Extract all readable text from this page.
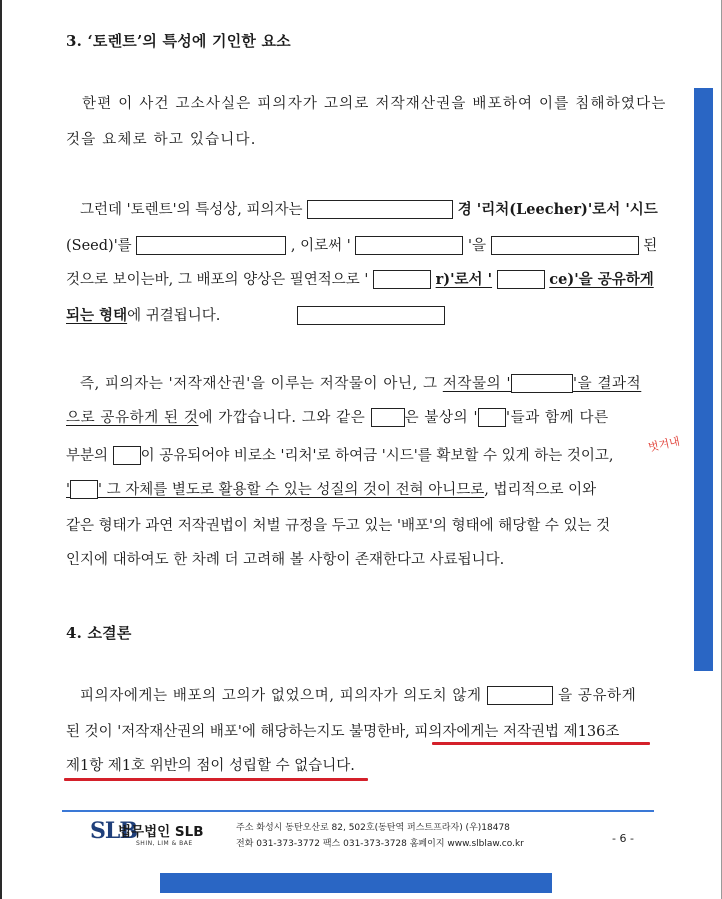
3. ‘토렌트’의 특성에 기인한 요소
한편 이 사건 고소사실은 피의자가 고의로 저작재산권을 배포하여 이를 침해하였다는
것을 요체로 하고 있습니다.
그런데 '토렌트'의 특성상, 피의자는	경 '리처(Leecher)'로서 '시드
(Seed)'를	, 이로써 '	'을	된
것으로 보이는바, 그 배포의 양상은 필연적으로 '	r)'로서 '	ce)'을 공유하게
되는 형태에 귀결됩니다.
즉, 피의자는 '저작재산권'을 이루는 저작물이 아닌, 그 저작물의 '	'을 결과적
으로 공유하게 된 것에 가깝습니다. 그와 같은	은 불상의 ' '들과 함께 다른
부분의 이 공유되어야 비로소 '리처'로 하여금 '시드'를 확보할 수 있게 하는 것이고,
벗겨내
' ' 그 자체를 별도로 활용할 수 있는 성질의 것이 전혀 아니므로, 법리적으로 이와
같은 형태가 과연 저작권법이 처벌 규정을 두고 있는 '배포'의 형태에 해당할 수 있는 것
인지에 대하여도 한 차례 더 고려해 볼 사항이 존재한다고 사료됩니다.
4. 소결론
피의자에게는 배포의 고의가 없었으며, 피의자가 의도치 않게	을 공유하게
된 것이 '저작재산권의 배포'에 해당하는지도 불명한바, 피의자에게는 저작권법 제136조
제1항 제1호 위반의 점이 성립할 수 없습니다.
SLB
법무법인 SLB
SHIN, LIM & BAE
주소 화성시 동탄오산로 82, 502호(동탄역 퍼스트프라자) (우)18478
전화 031-373-3772 팩스 031-373-3728 홈페이지 www.slblaw.co.kr	- 6 -
